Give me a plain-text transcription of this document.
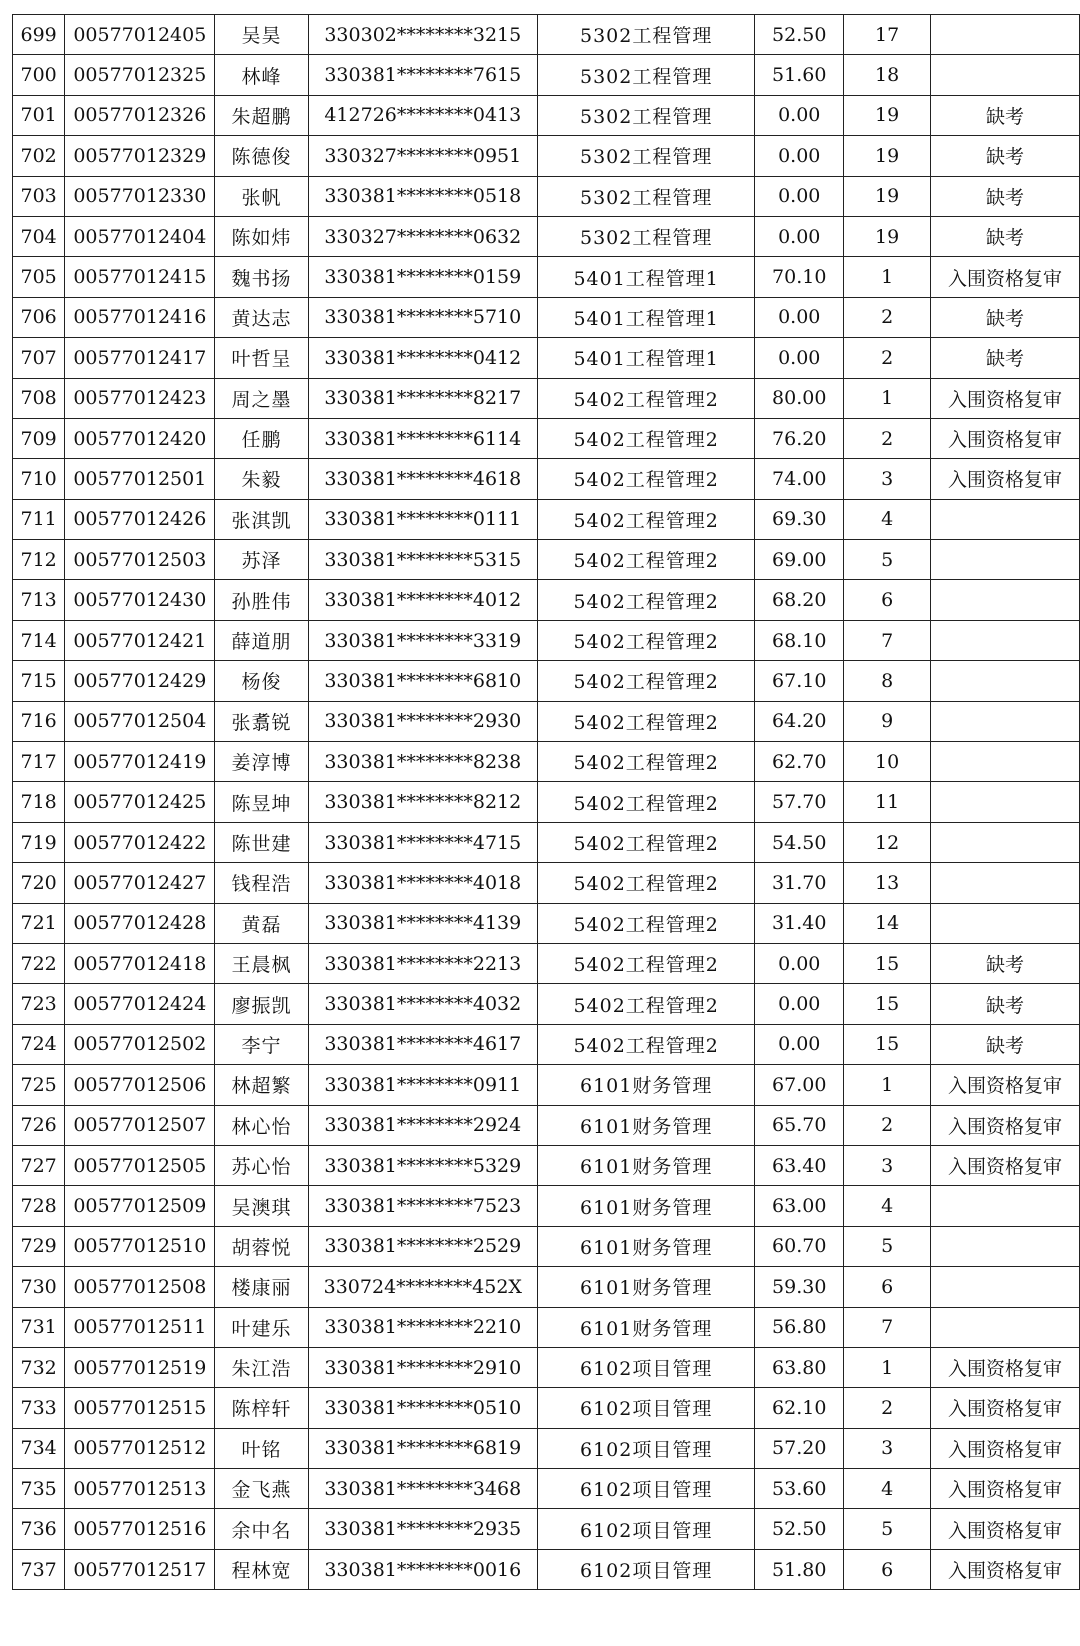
699	00577012405	吴昊	330302********3215	5302工程管理	52.50	17	
700	00577012325	林峰	330381********7615	5302工程管理	51.60	18	
701	00577012326	朱超鹏	412726********0413	5302工程管理	0.00	19	缺考
702	00577012329	陈德俊	330327********0951	5302工程管理	0.00	19	缺考
703	00577012330	张帆	330381********0518	5302工程管理	0.00	19	缺考
704	00577012404	陈如炜	330327********0632	5302工程管理	0.00	19	缺考
705	00577012415	魏书扬	330381********0159	5401工程管理1	70.10	1	入围资格复审
706	00577012416	黄达志	330381********5710	5401工程管理1	0.00	2	缺考
707	00577012417	叶哲呈	330381********0412	5401工程管理1	0.00	2	缺考
708	00577012423	周之墨	330381********8217	5402工程管理2	80.00	1	入围资格复审
709	00577012420	任鹏	330381********6114	5402工程管理2	76.20	2	入围资格复审
710	00577012501	朱毅	330381********4618	5402工程管理2	74.00	3	入围资格复审
711	00577012426	张淇凯	330381********0111	5402工程管理2	69.30	4	
712	00577012503	苏泽	330381********5315	5402工程管理2	69.00	5	
713	00577012430	孙胜伟	330381********4012	5402工程管理2	68.20	6	
714	00577012421	薛道朋	330381********3319	5402工程管理2	68.10	7	
715	00577012429	杨俊	330381********6810	5402工程管理2	67.10	8	
716	00577012504	张翥锐	330381********2930	5402工程管理2	64.20	9	
717	00577012419	姜淳博	330381********8238	5402工程管理2	62.70	10	
718	00577012425	陈昱坤	330381********8212	5402工程管理2	57.70	11	
719	00577012422	陈世建	330381********4715	5402工程管理2	54.50	12	
720	00577012427	钱程浩	330381********4018	5402工程管理2	31.70	13	
721	00577012428	黄磊	330381********4139	5402工程管理2	31.40	14	
722	00577012418	王晨枫	330381********2213	5402工程管理2	0.00	15	缺考
723	00577012424	廖振凯	330381********4032	5402工程管理2	0.00	15	缺考
724	00577012502	李宁	330381********4617	5402工程管理2	0.00	15	缺考
725	00577012506	林超繁	330381********0911	6101财务管理	67.00	1	入围资格复审
726	00577012507	林心怡	330381********2924	6101财务管理	65.70	2	入围资格复审
727	00577012505	苏心怡	330381********5329	6101财务管理	63.40	3	入围资格复审
728	00577012509	吴澳琪	330381********7523	6101财务管理	63.00	4	
729	00577012510	胡蓉悦	330381********2529	6101财务管理	60.70	5	
730	00577012508	楼康丽	330724********452X	6101财务管理	59.30	6	
731	00577012511	叶建乐	330381********2210	6101财务管理	56.80	7	
732	00577012519	朱江浩	330381********2910	6102项目管理	63.80	1	入围资格复审
733	00577012515	陈梓轩	330381********0510	6102项目管理	62.10	2	入围资格复审
734	00577012512	叶铭	330381********6819	6102项目管理	57.20	3	入围资格复审
735	00577012513	金飞燕	330381********3468	6102项目管理	53.60	4	入围资格复审
736	00577012516	余中名	330381********2935	6102项目管理	52.50	5	入围资格复审
737	00577012517	程林宽	330381********0016	6102项目管理	51.80	6	入围资格复审
